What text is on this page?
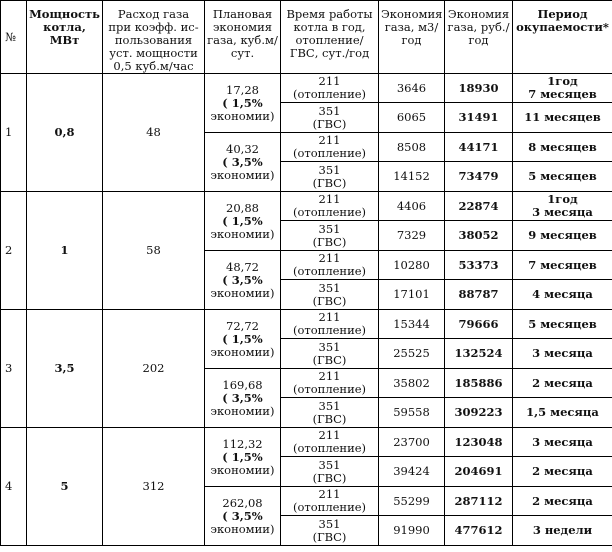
№	Мощность котла, МВт	Расход газа при коэфф. ис-пользования уст. мощности 0,5 куб.м/час	Плановая экономия газа, куб.м/сут.	Время работы котла в год, отопление/ГВС, сут./год	Экономия газа, м3/год	Экономия газа, руб./год	Период окупаемости*
1	0,8	48	17,28
( 1,5%
экономии)	211
(отопление)	3646	18930	1год
7 месяцев

				351
(ГВС)	6065	31491	11 месяцев

			40,32
( 3,5%
экономии)	211
(отопление)	8508	44171	8 месяцев

				351
(ГВС)	14152	73479	5 месяцев

2	1	58	20,88
( 1,5%
экономии)	211
(отопление)	4406	22874	1год
3 месяца

				351
(ГВС)	7329	38052	9 месяцев

			48,72
( 3,5%
экономии)	211
(отопление)	10280	53373	7 месяцев

				351
(ГВС)	17101	88787	4 месяца

3	3,5	202	72,72
( 1,5%
экономии)	211
(отопление)	15344	79666	5 месяцев

				351
(ГВС)	25525	132524	3 месяца

			169,68
( 3,5%
экономии)	211
(отопление)	35802	185886	2 месяца

				351
(ГВС)	59558	309223	1,5 месяца

4	5	312	112,32
( 1,5%
экономии)	211
(отопление)	23700	123048	3 месяца

				351
(ГВС)	39424	204691	2 месяца

			262,08
( 3,5%
экономии)	211
(отопление)	55299	287112	2 месяца

				351
(ГВС)	91990	477612	3 недели
